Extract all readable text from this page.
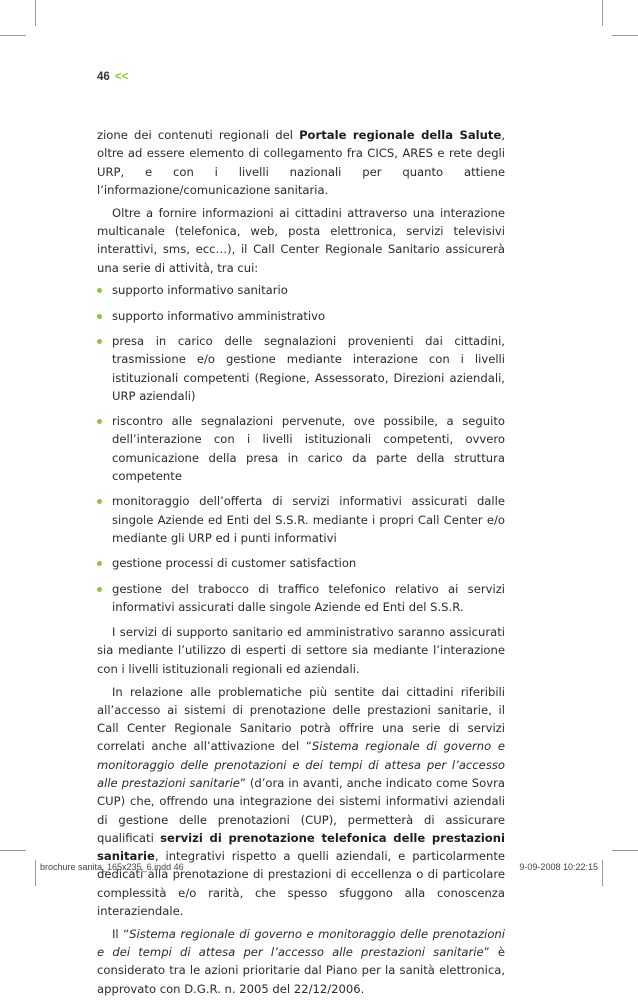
46 <<

zione dei contenuti regionali del Portale regionale della Salute, oltre ad essere elemento di collegamento fra CICS, ARES e rete degli URP, e con i livelli nazionali per quanto attiene l’informazione/comunicazione sanitaria.

Oltre a fornire informazioni ai cittadini attraverso una interazione multicanale (telefonica, web, posta elettronica, servizi televisivi interattivi, sms, ecc…), il Call Center Regionale Sanitario assicurerà una serie di attività, tra cui:

supporto informativo sanitario
supporto informativo amministrativo
presa in carico delle segnalazioni provenienti dai cittadini, trasmissione e/o gestione mediante interazione con i livelli istituzionali competenti (Regione, Assessorato, Direzioni aziendali, URP aziendali)
riscontro alle segnalazioni pervenute, ove possibile, a seguito dell’interazione con i livelli istituzionali competenti, ovvero comunicazione della presa in carico da parte della struttura competente
monitoraggio dell’offerta di servizi informativi assicurati dalle singole Aziende ed Enti del S.S.R. mediante i propri Call Center e/o mediante gli URP ed i punti informativi
gestione processi di customer satisfaction
gestione del trabocco di traffico telefonico relativo ai servizi informativi assicurati dalle singole Aziende ed Enti del S.S.R.

I servizi di supporto sanitario ed amministrativo saranno assicurati sia mediante l’utilizzo di esperti di settore sia mediante l’interazione con i livelli istituzionali regionali ed aziendali.

In relazione alle problematiche più sentite dai cittadini riferibili all’accesso ai sistemi di prenotazione delle prestazioni sanitarie, il Call Center Regionale Sanitario potrà offrire una serie di servizi correlati anche all’attivazione del “Sistema regionale di governo e monitoraggio delle prenotazioni e dei tempi di attesa per l’accesso alle prestazioni sanitarie” (d’ora in avanti, anche indicato come Sovra CUP) che, offrendo una integrazione dei sistemi informativi aziendali di gestione delle prenotazioni (CUP), permetterà di assicurare qualificati servizi di prenotazione telefonica delle prestazioni sanitarie, integrativi rispetto a quelli aziendali, e particolarmente dedicati alla prenotazione di prestazioni di eccellenza o di particolare complessità e/o rarità, che spesso sfuggono alla conoscenza interaziendale.

Il “Sistema regionale di governo e monitoraggio delle prenotazioni e dei tempi di attesa per l’accesso alle prestazioni sanitarie” è considerato tra le azioni prioritarie dal Piano per la sanità elettronica, approvato con D.G.R. n. 2005 del 22/12/2006.

brochure sanita_165x235_6.indd 46	9-09-2008 10:22:15
